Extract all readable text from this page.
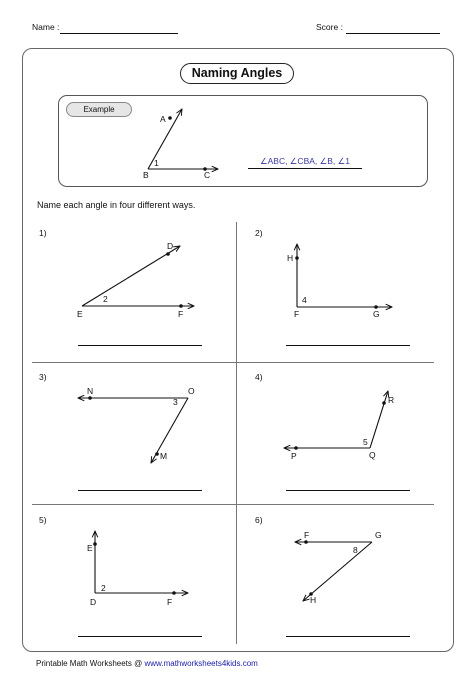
Name :	Score :
Naming Angles
Example
∠ABC, ∠CBA, ∠B, ∠1
Name each angle in four different ways.
1)	2)
3)	4)
5)	6)
A
B	C
1
D
E	F
2
H
F	G
4
N	O
M
3	R
Q
P
5
E
D	F
2
F	G
H
8
Printable Math Worksheets @ www.mathworksheets4kids.com
